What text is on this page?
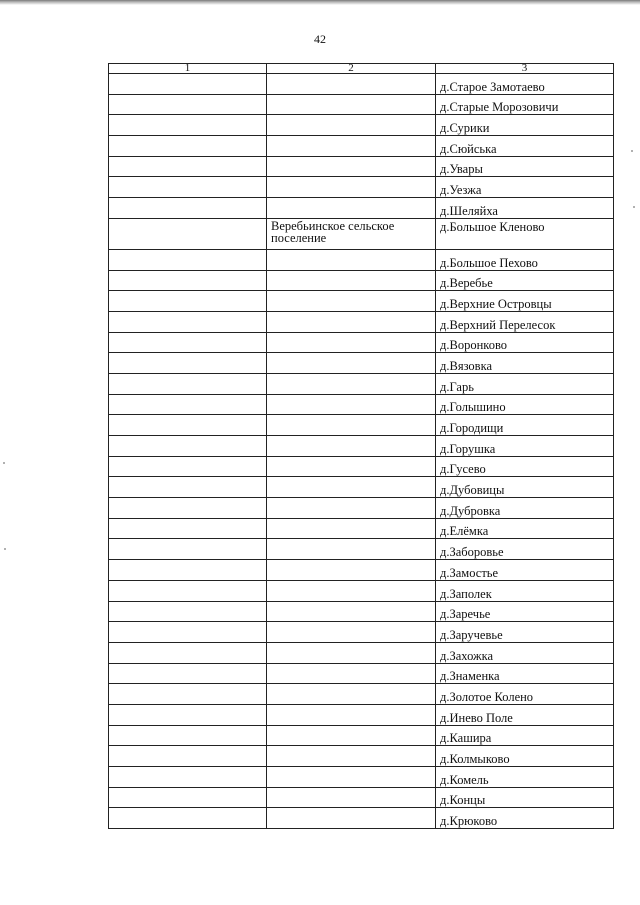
42
1	2	3
		д.Старое Замотаево
		д.Старые Морозовичи
		д.Сурики
		д.Сюйська
		д.Увары
		д.Уезжа
		д.Шеляйха
	Веребьинское сельское поселение	д.Большое Кленово
		д.Большое Пехово
		д.Веребье
		д.Верхние Островцы
		д.Верхний Перелесок
		д.Воронково
		д.Вязовка
		д.Гарь
		д.Голышино
		д.Городищи
		д.Горушка
		д.Гусево
		д.Дубовицы
		д.Дубровка
		д.Елёмка
		д.Заборовье
		д.Замостье
		д.Заполек
		д.Заречье
		д.Заручевье
		д.Захожка
		д.Знаменка
		д.Золотое Колено
		д.Инево Поле
		д.Кашира
		д.Колмыково
		д.Комель
		д.Концы
		д.Крюково
